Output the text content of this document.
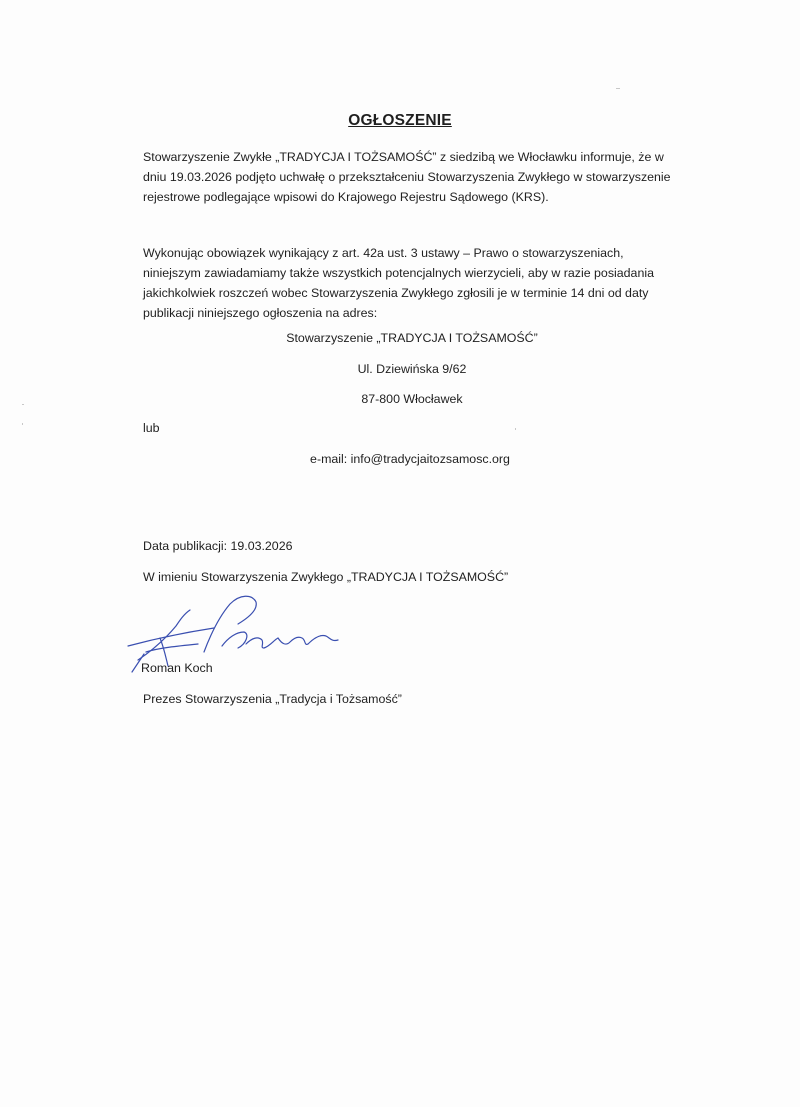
OGŁOSZENIE

Stowarzyszenie Zwykłe „TRADYCJA I TOŻSAMOŚĆ” z siedzibą we Włocławku informuje, że w dniu 19.03.2026 podjęto uchwałę o przekształceniu Stowarzyszenia Zwykłego w stowarzyszenie rejestrowe podlegające wpisowi do Krajowego Rejestru Sądowego (KRS).

Wykonując obowiązek wynikający z art. 42a ust. 3 ustawy – Prawo o stowarzyszeniach, niniejszym zawiadamiamy także wszystkich potencjalnych wierzycieli, aby w razie posiadania jakichkolwiek roszczeń wobec Stowarzyszenia Zwykłego zgłosili je w terminie 14 dni od daty publikacji niniejszego ogłoszenia na adres:

Stowarzyszenie „TRADYCJA I TOŻSAMOŚĆ”
Ul. Dziewińska 9/62
87-800 Włocławek
lub
e-mail: info@tradycjaitozsamosc.org
Data publikacji: 19.03.2026
W imieniu Stowarzyszenia Zwykłego „TRADYCJA I TOŻSAMOŚĆ”
Roman Koch
Prezes Stowarzyszenia „Tradycja i Tożsamość”
